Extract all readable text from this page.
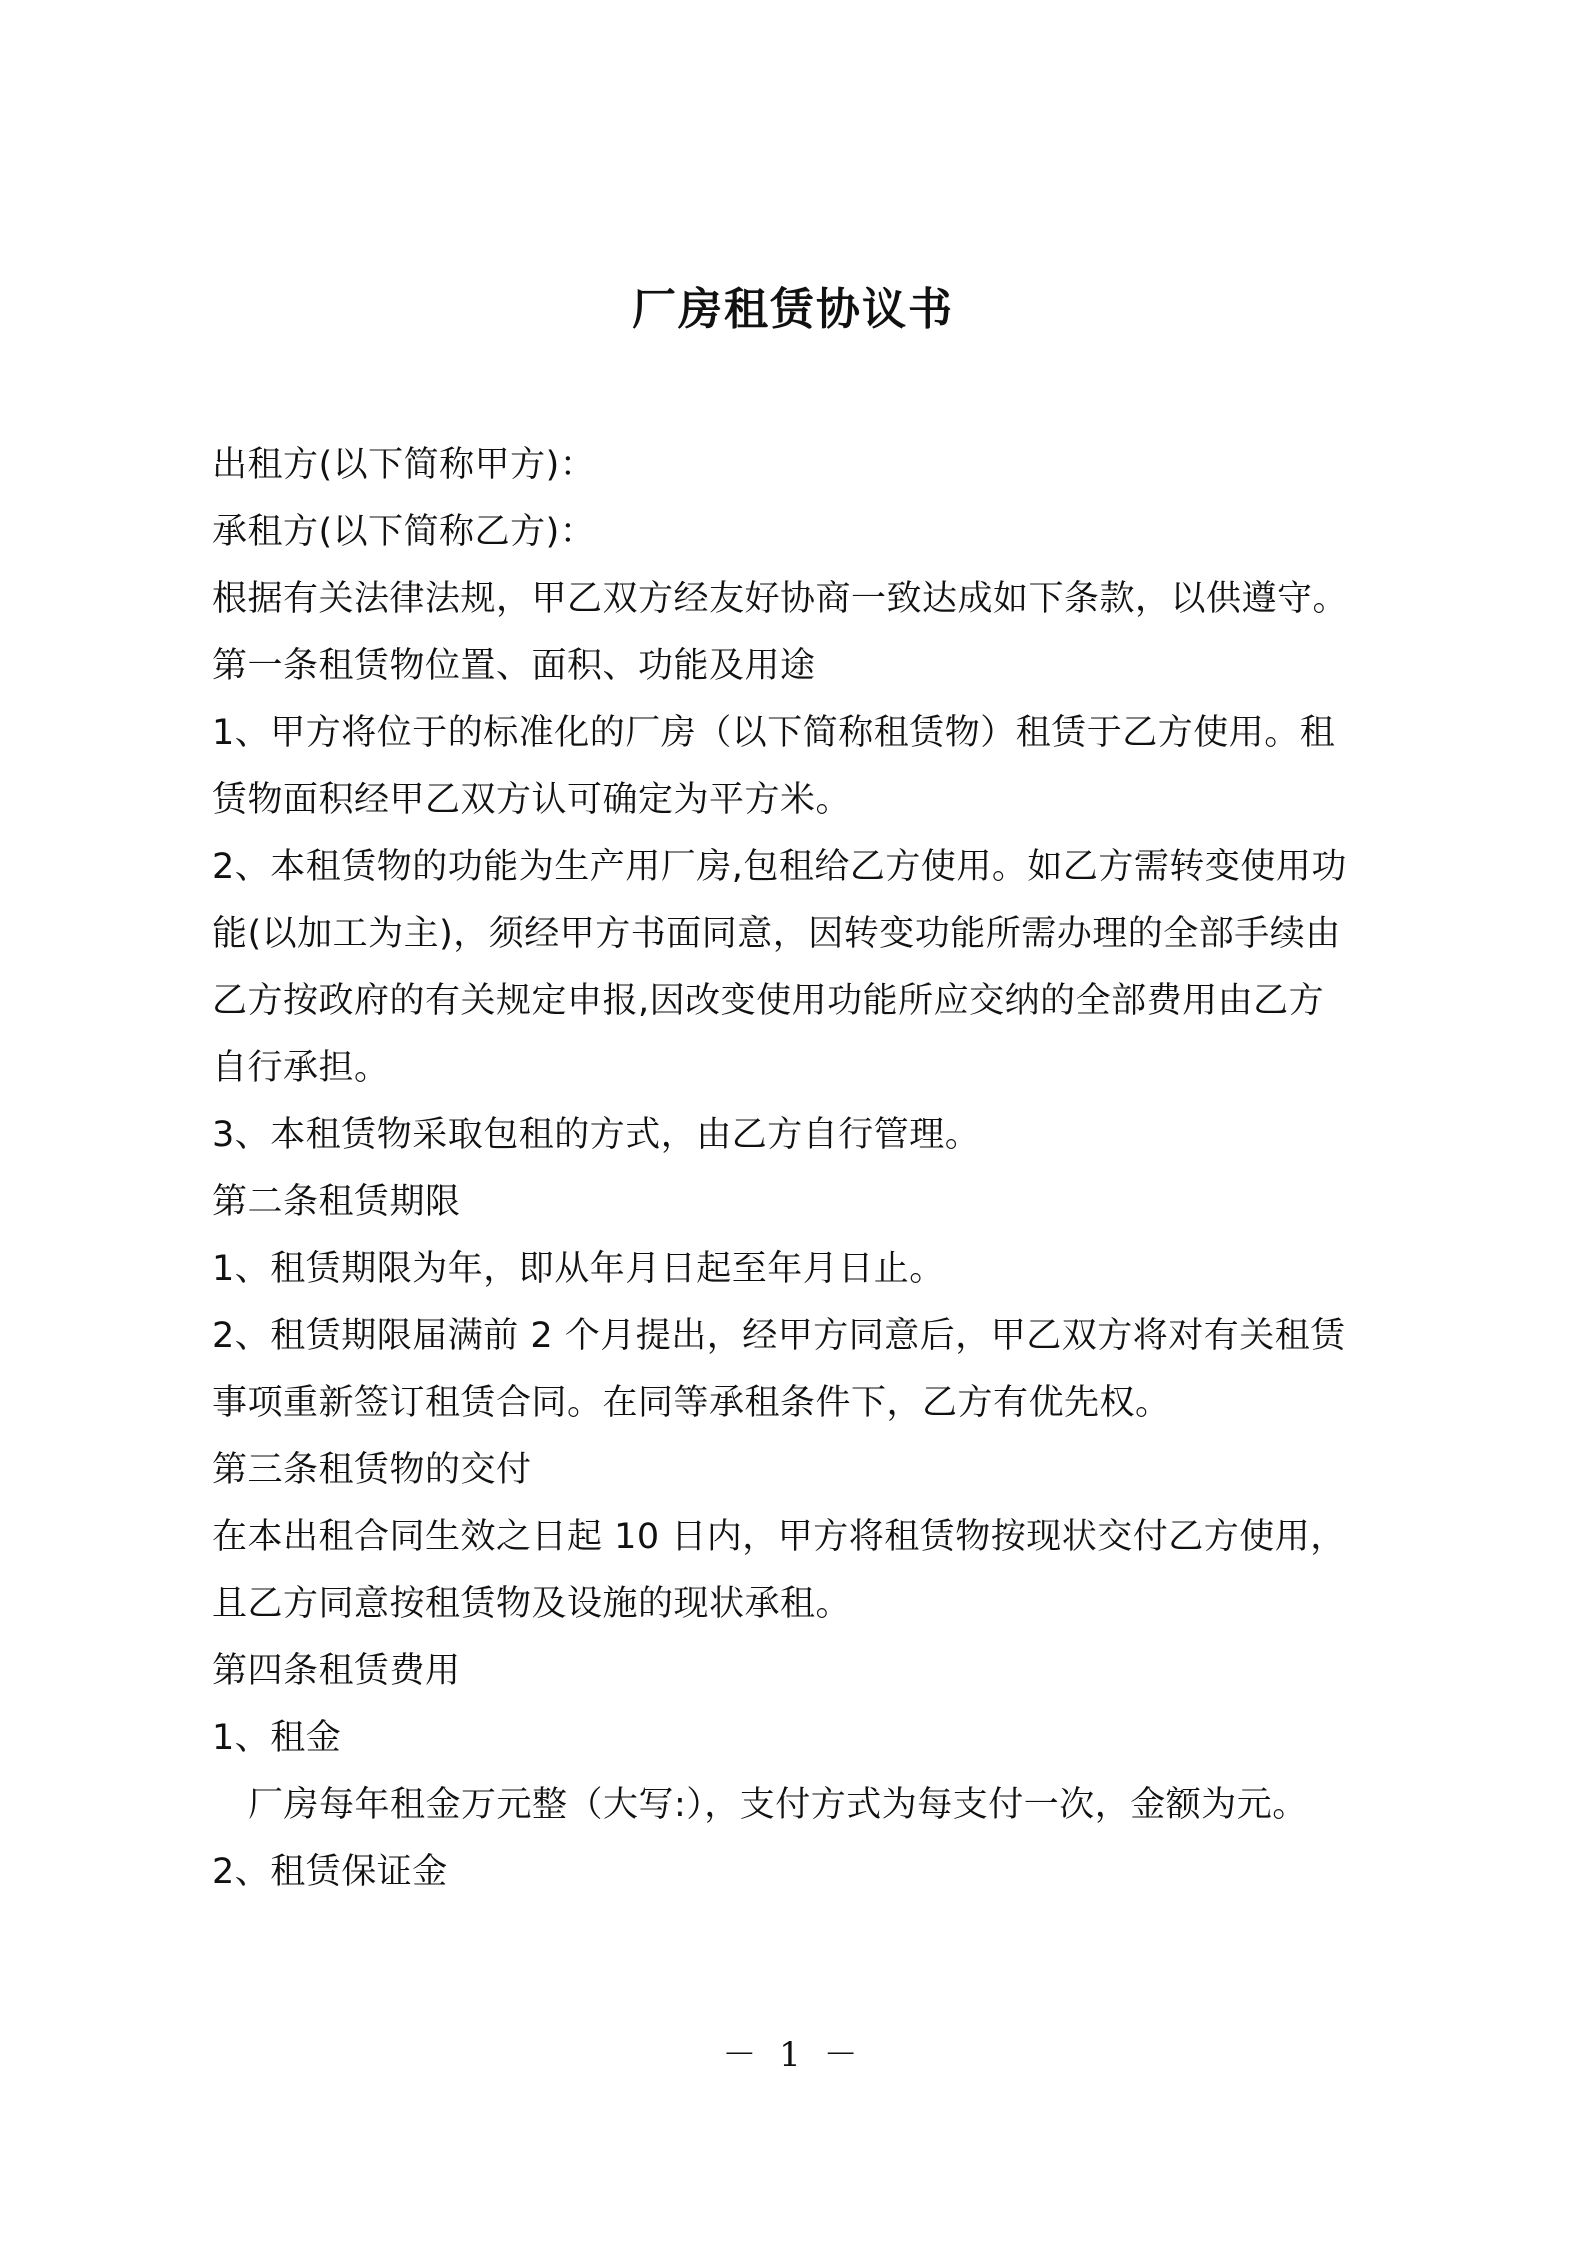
厂房租赁协议书
出租方(以下简称甲方)：
承租方(以下简称乙方)：
根据有关法律法规，甲乙双方经友好协商一致达成如下条款，以供遵守。
第一条租赁物位置、面积、功能及用途
1、甲方将位于的标准化的厂房（以下简称租赁物）租赁于乙方使用。租
赁物面积经甲乙双方认可确定为平方米。
2、本租赁物的功能为生产用厂房,包租给乙方使用。如乙方需转变使用功
能(以加工为主)，须经甲方书面同意，因转变功能所需办理的全部手续由
乙方按政府的有关规定申报,因改变使用功能所应交纳的全部费用由乙方
自行承担。
3、本租赁物采取包租的方式，由乙方自行管理。
第二条租赁期限
1、租赁期限为年，即从年月日起至年月日止。
2、租赁期限届满前 2 个月提出，经甲方同意后，甲乙双方将对有关租赁
事项重新签订租赁合同。在同等承租条件下，乙方有优先权。
第三条租赁物的交付
在本出租合同生效之日起 10 日内，甲方将租赁物按现状交付乙方使用，
且乙方同意按租赁物及设施的现状承租。
第四条租赁费用
1、租金
厂房每年租金万元整（大写:），支付方式为每支付一次，金额为元。
2、租赁保证金
－ 1 －
